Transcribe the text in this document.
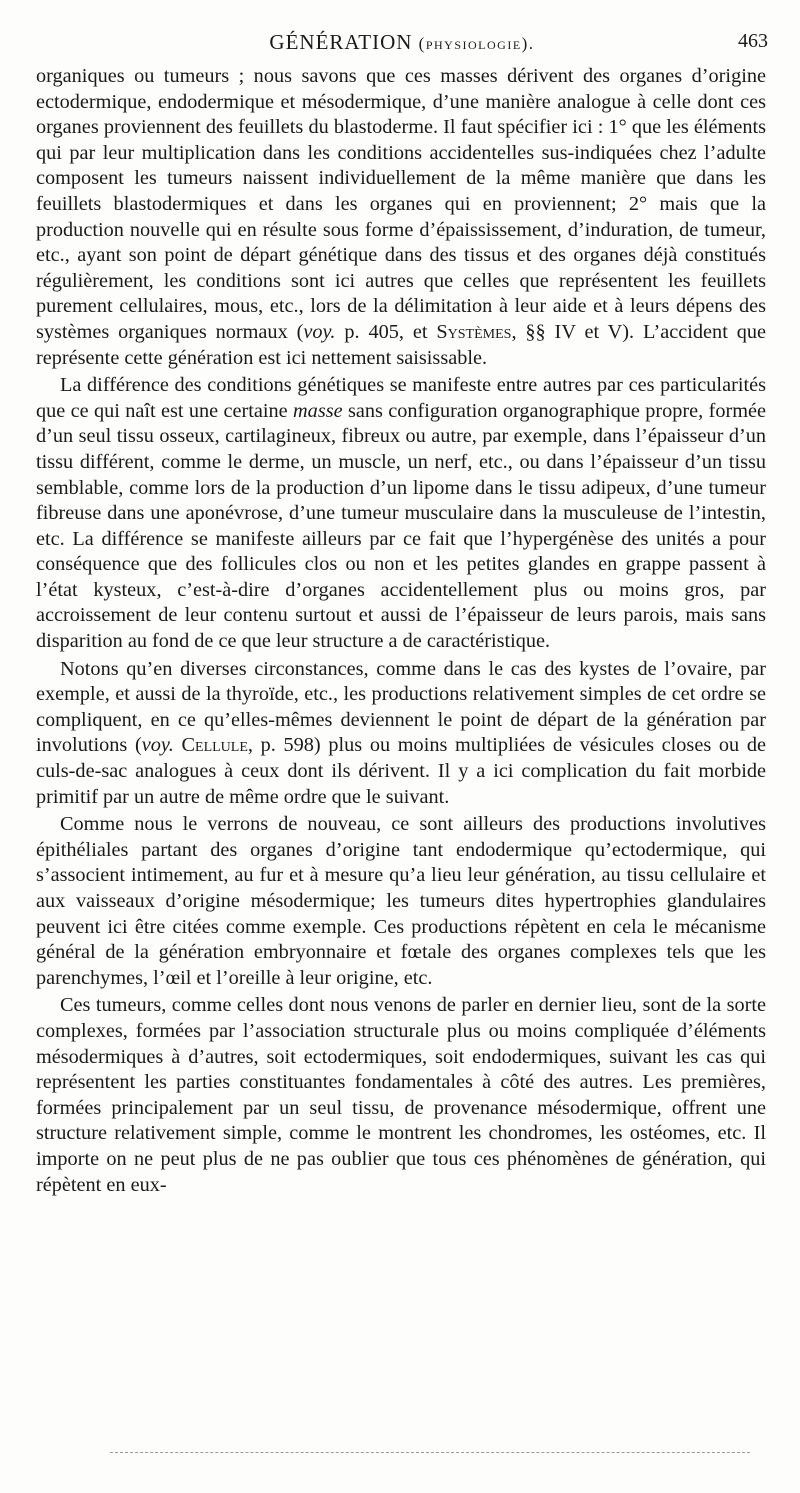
GÉNÉRATION (physiologie).	463

organiques ou tumeurs ; nous savons que ces masses dérivent des organes d’origine ectodermique, endodermique et mésodermique, d’une manière analogue à celle dont ces organes proviennent des feuillets du blastoderme. Il faut spécifier ici : 1° que les éléments qui par leur multiplication dans les conditions accidentelles sus-indiquées chez l’adulte composent les tumeurs naissent individuellement de la même manière que dans les feuillets blastodermiques et dans les organes qui en proviennent; 2° mais que la production nouvelle qui en résulte sous forme d’épaississement, d’induration, de tumeur, etc., ayant son point de départ génétique dans des tissus et des organes déjà constitués régulièrement, les conditions sont ici autres que celles que représentent les feuillets purement cellulaires, mous, etc., lors de la délimitation à leur aide et à leurs dépens des systèmes organiques normaux (voy. p. 405, et Systèmes, §§ IV et V). L’accident que représente cette génération est ici nettement saisissable.

La différence des conditions génétiques se manifeste entre autres par ces particularités que ce qui naît est une certaine masse sans configuration organographique propre, formée d’un seul tissu osseux, cartilagineux, fibreux ou autre, par exemple, dans l’épaisseur d’un tissu différent, comme le derme, un muscle, un nerf, etc., ou dans l’épaisseur d’un tissu semblable, comme lors de la production d’un lipome dans le tissu adipeux, d’une tumeur fibreuse dans une aponévrose, d’une tumeur musculaire dans la musculeuse de l’intestin, etc. La différence se manifeste ailleurs par ce fait que l’hypergénèse des unités a pour conséquence que des follicules clos ou non et les petites glandes en grappe passent à l’état kysteux, c’est-à-dire d’organes accidentellement plus ou moins gros, par accroissement de leur contenu surtout et aussi de l’épaisseur de leurs parois, mais sans disparition au fond de ce que leur structure a de caractéristique.

Notons qu’en diverses circonstances, comme dans le cas des kystes de l’ovaire, par exemple, et aussi de la thyroïde, etc., les productions relativement simples de cet ordre se compliquent, en ce qu’elles-mêmes deviennent le point de départ de la génération par involutions (voy. Cellule, p. 598) plus ou moins multipliées de vésicules closes ou de culs-de-sac analogues à ceux dont ils dérivent. Il y a ici complication du fait morbide primitif par un autre de même ordre que le suivant.

Comme nous le verrons de nouveau, ce sont ailleurs des productions involutives épithéliales partant des organes d’origine tant endodermique qu’ectodermique, qui s’associent intimement, au fur et à mesure qu’a lieu leur génération, au tissu cellulaire et aux vaisseaux d’origine mésodermique; les tumeurs dites hypertrophies glandulaires peuvent ici être citées comme exemple. Ces productions répètent en cela le mécanisme général de la génération embryonnaire et fœtale des organes complexes tels que les parenchymes, l’œil et l’oreille à leur origine, etc.

Ces tumeurs, comme celles dont nous venons de parler en dernier lieu, sont de la sorte complexes, formées par l’association structurale plus ou moins compliquée d’éléments mésodermiques à d’autres, soit ectodermiques, soit endodermiques, suivant les cas qui représentent les parties constituantes fondamentales à côté des autres. Les premières, formées principalement par un seul tissu, de provenance mésodermique, offrent une structure relativement simple, comme le montrent les chondromes, les ostéomes, etc. Il importe on ne peut plus de ne pas oublier que tous ces phénomènes de génération, qui répètent en eux-
